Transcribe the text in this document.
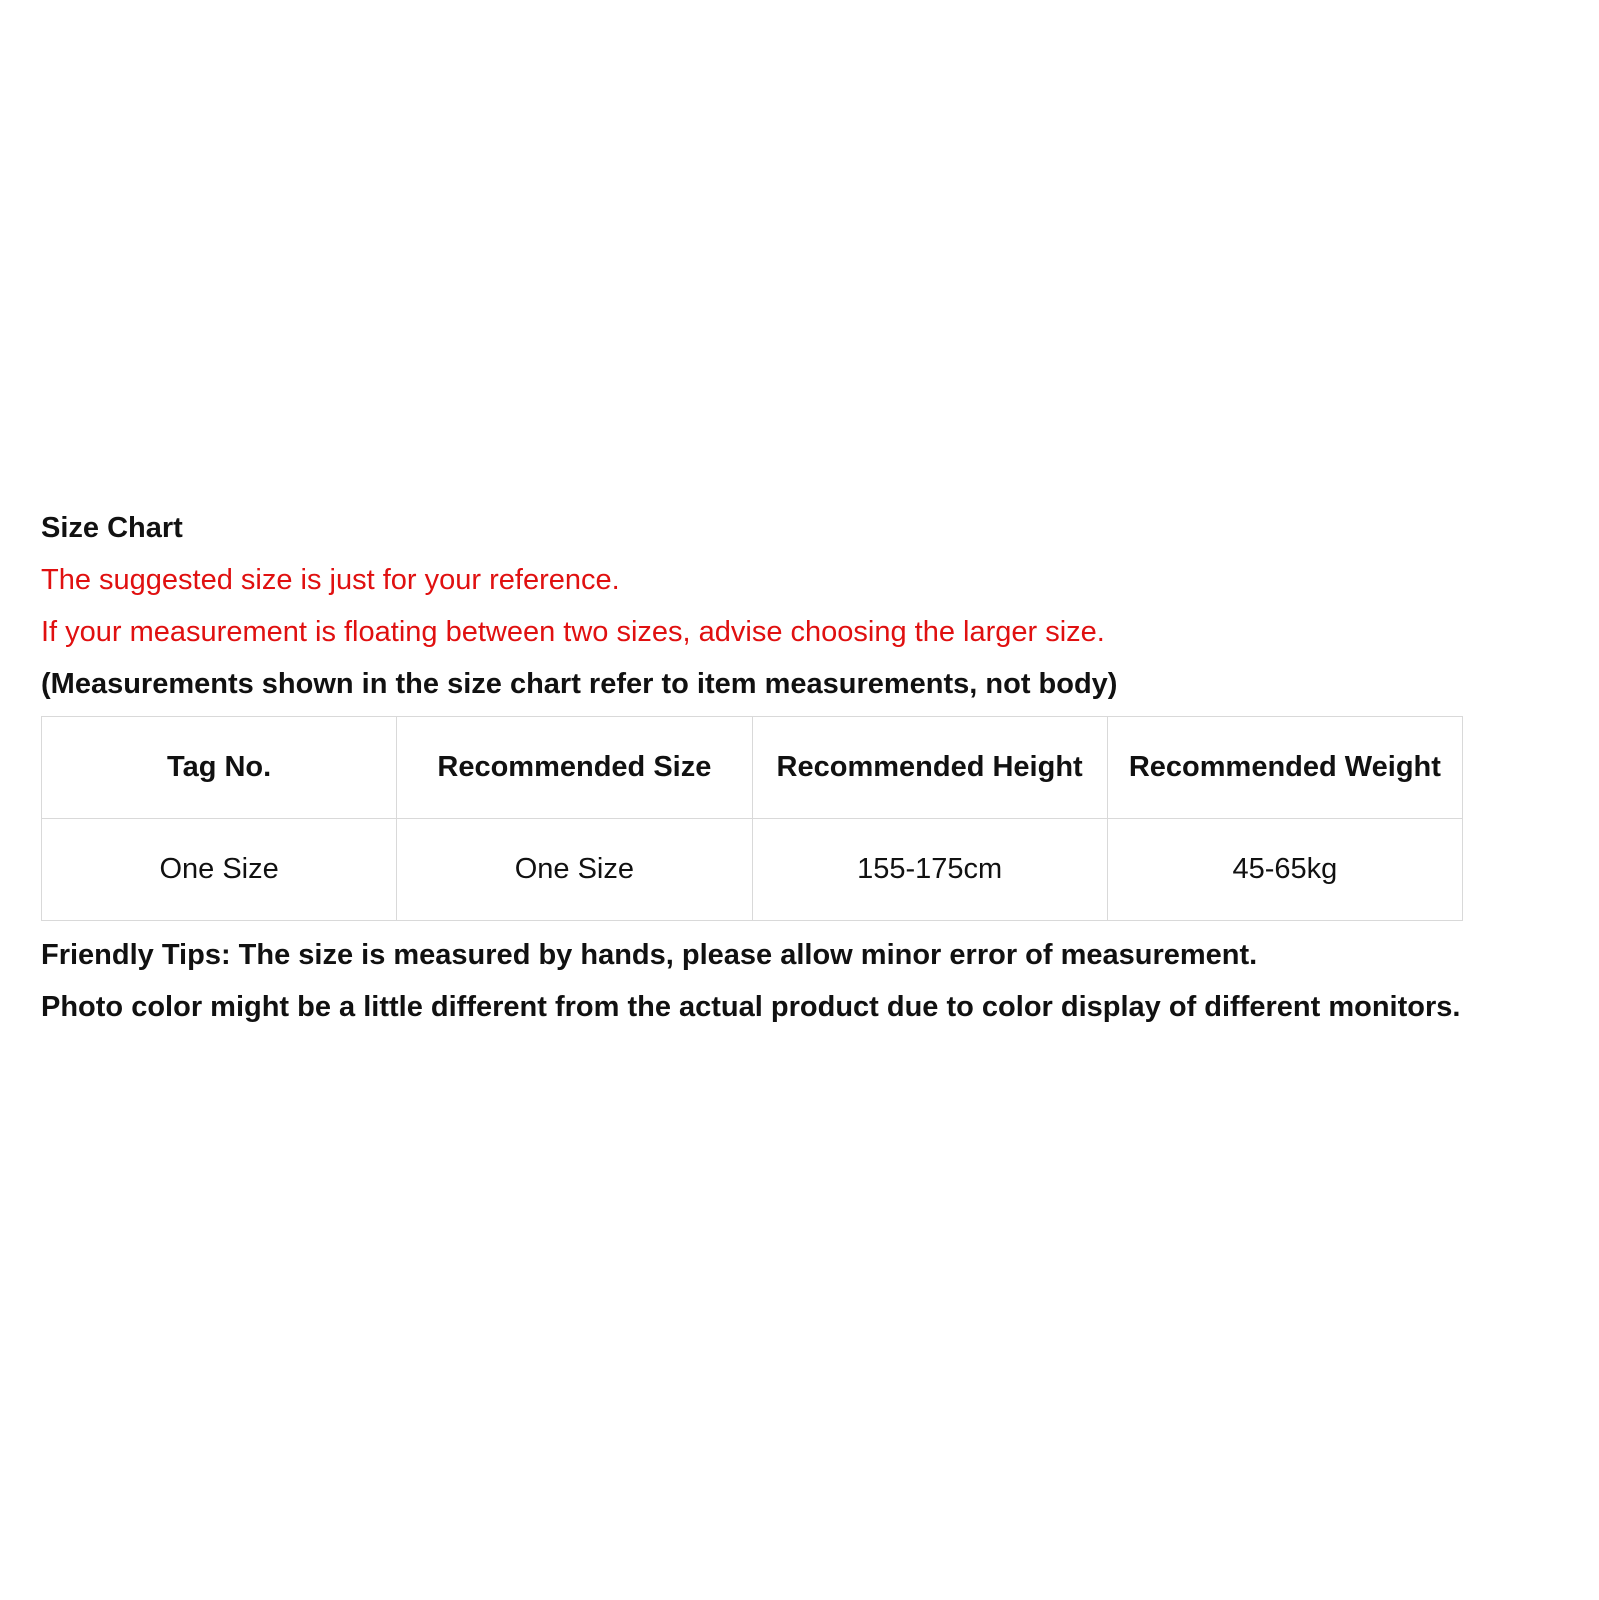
Size Chart
The suggested size is just for your reference.
If your measurement is floating between two sizes, advise choosing the larger size.
(Measurements shown in the size chart refer to item measurements, not body)
Tag No.	Recommended Size	Recommended Height	Recommended Weight
One Size	One Size	155-175cm	45-65kg
Friendly Tips: The size is measured by hands, please allow minor error of measurement.
Photo color might be a little different from the actual product due to color display of different monitors.
